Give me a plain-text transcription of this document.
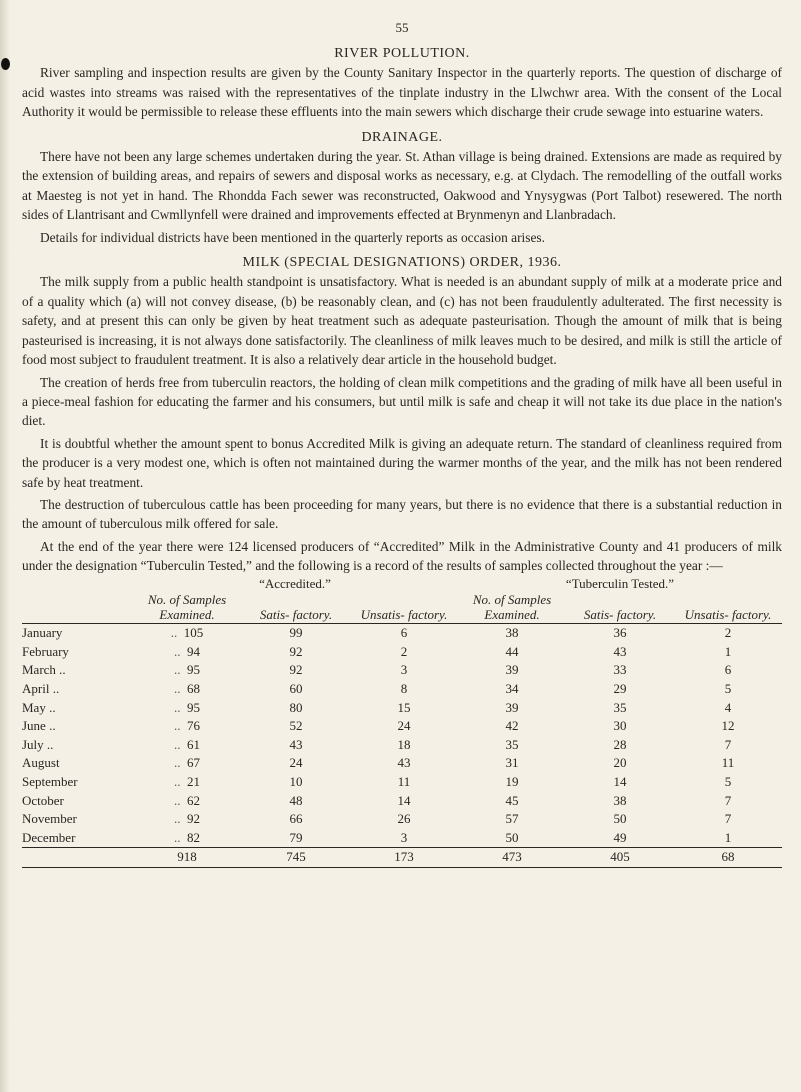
55
RIVER POLLUTION.

River sampling and inspection results are given by the County Sanitary Inspector in the quarterly reports. The question of discharge of acid wastes into streams was raised with the representatives of the tinplate industry in the Llwchwr area. With the consent of the Local Authority it would be permissible to release these effluents into the main sewers which discharge their crude sewage into estuarine waters.

DRAINAGE.

There have not been any large schemes undertaken during the year. St. Athan village is being drained. Extensions are made as required by the extension of building areas, and repairs of sewers and disposal works as necessary, e.g. at Clydach. The remodelling of the outfall works at Maesteg is not yet in hand. The Rhondda Fach sewer was reconstructed, Oakwood and Ynysygwas (Port Talbot) resewered. The north sides of Llantrisant and Cwmllynfell were drained and improvements effected at Brynmenyn and Llanbradach.

Details for individual districts have been mentioned in the quarterly reports as occasion arises.

MILK (SPECIAL DESIGNATIONS) ORDER, 1936.

The milk supply from a public health standpoint is unsatisfactory. What is needed is an abundant supply of milk at a moderate price and of a quality which (a) will not convey disease, (b) be reasonably clean, and (c) has not been fraudulently adulterated. The first necessity is safety, and at present this can only be given by heat treatment such as adequate pasteurisation. Though the amount of milk that is being pasteurised is increasing, it is not always done satisfactorily. The cleanliness of milk leaves much to be desired, and milk is still the article of food most subject to fraudulent treatment. It is also a relatively dear article in the household budget.

The creation of herds free from tuberculin reactors, the holding of clean milk competitions and the grading of milk have all been useful in a piece-meal fashion for educating the farmer and his consumers, but until milk is safe and cheap it will not take its due place in the nation's diet.

It is doubtful whether the amount spent to bonus Accredited Milk is giving an adequate return. The standard of cleanliness required from the producer is a very modest one, which is often not maintained during the warmer months of the year, and the milk has not been rendered safe by heat treatment.

The destruction of tuberculous cattle has been proceeding for many years, but there is no evidence that there is a substantial reduction in the amount of tuberculous milk offered for sale.

At the end of the year there were 124 licensed producers of “Accredited” Milk in the Administrative County and 41 producers of milk under the designation “Tuberculin Tested,” and the following is a record of the results of samples collected throughout the year :—

	“Accredited.”			“Tuberculin Tested.”		
	No. of Samples Examined.	Satis- factory.	Unsatis- factory.	No. of Samples Examined.	Satis- factory.	Unsatis- factory.
January	.. 105	99	6	38	36	2
February	.. 94	92	2	44	43	1
March ..	.. 95	92	3	39	33	6
April ..	.. 68	60	8	34	29	5
May ..	.. 95	80	15	39	35	4
June ..	.. 76	52	24	42	30	12
July ..	.. 61	43	18	35	28	7
August	.. 67	24	43	31	20	11
September	.. 21	10	11	19	14	5
October	.. 62	48	14	45	38	7
November	.. 92	66	26	57	50	7
December	.. 82	79	3	50	49	1
	918	745	173	473	405	68
